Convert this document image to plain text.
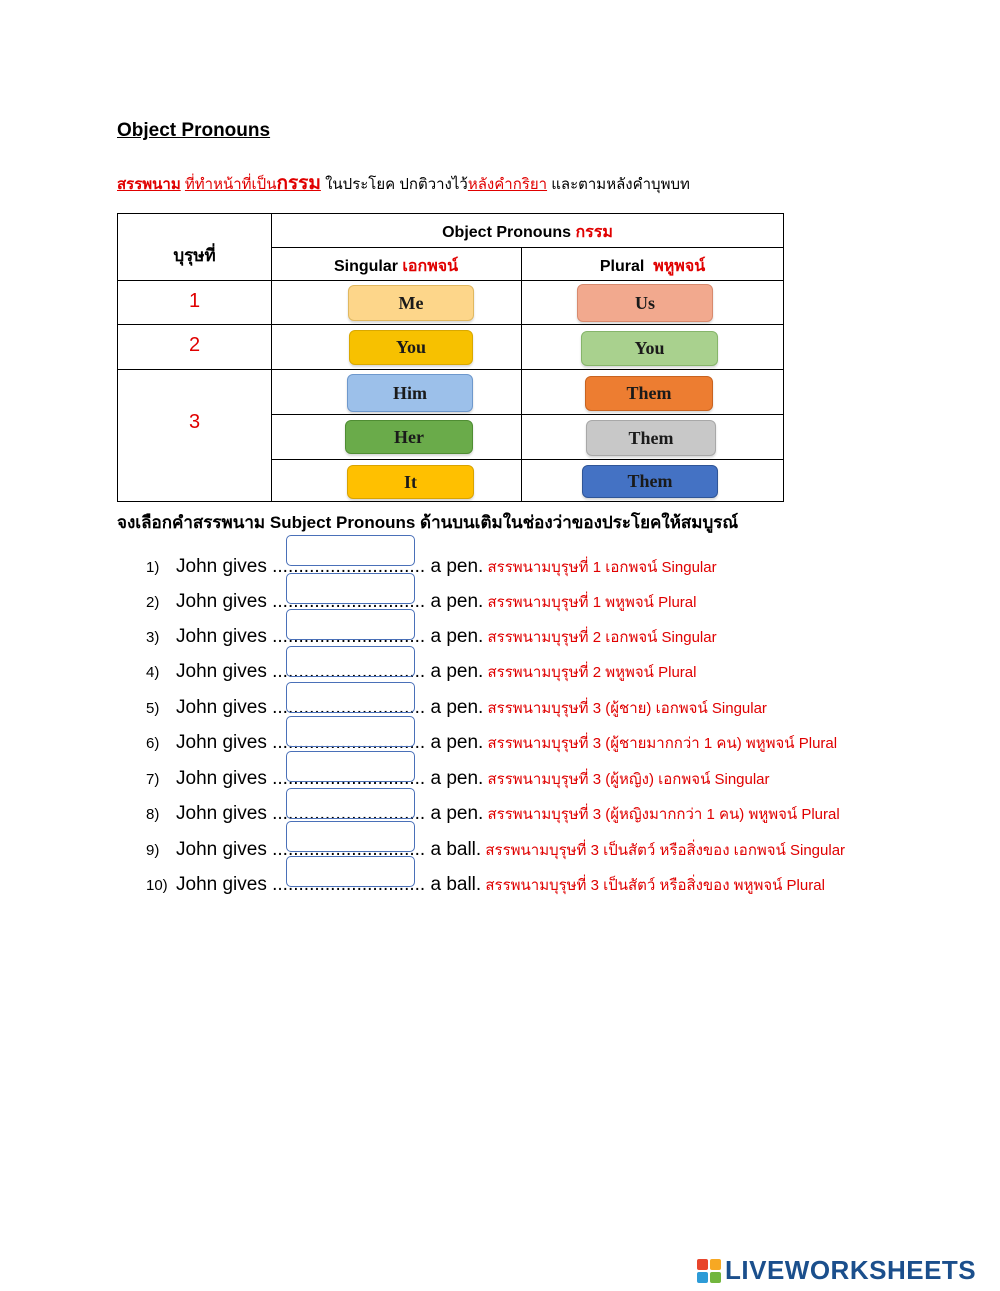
Object Pronouns
สรรพนาม ที่ทำหน้าที่เป็นกรรม ในประโยค ปกติวางไว้หลังคำกริยา และตามหลังคำบุพบท
บุรุษที่
Object Pronouns กรรม
Singular เอกพจน์	Plural พหูพจน์
1
2
3
Me
You
Him
Her
It
Us
You
Them
Them
Them
จงเลือกคำสรรพนาม Subject Pronouns ด้านบนเติมในช่องว่าของประโยคให้สมบูรณ์
1) John gives ............................. a pen. สรรพนามบุรุษที่ 1 เอกพจน์ Singular
2) John gives ............................. a pen. สรรพนามบุรุษที่ 1 พหูพจน์ Plural
3) John gives ............................. a pen. สรรพนามบุรุษที่ 2 เอกพจน์ Singular
4) John gives ............................. a pen. สรรพนามบุรุษที่ 2 พหูพจน์ Plural
5) John gives ............................. a pen. สรรพนามบุรุษที่ 3 (ผู้ชาย) เอกพจน์ Singular
6) John gives ............................. a pen. สรรพนามบุรุษที่ 3 (ผู้ชายมากกว่า 1 คน) พหูพจน์ Plural
7) John gives ............................. a pen. สรรพนามบุรุษที่ 3 (ผู้หญิง) เอกพจน์ Singular
8) John gives ............................. a pen. สรรพนามบุรุษที่ 3 (ผู้หญิงมากกว่า 1 คน) พหูพจน์ Plural
9) John gives ............................. a ball. สรรพนามบุรุษที่ 3 เป็นสัตว์ หรือสิ่งของ เอกพจน์ Singular
10) John gives ............................. a ball. สรรพนามบุรุษที่ 3 เป็นสัตว์ หรือสิ่งของ พหูพจน์ Plural
LIVEWORKSHEETS
